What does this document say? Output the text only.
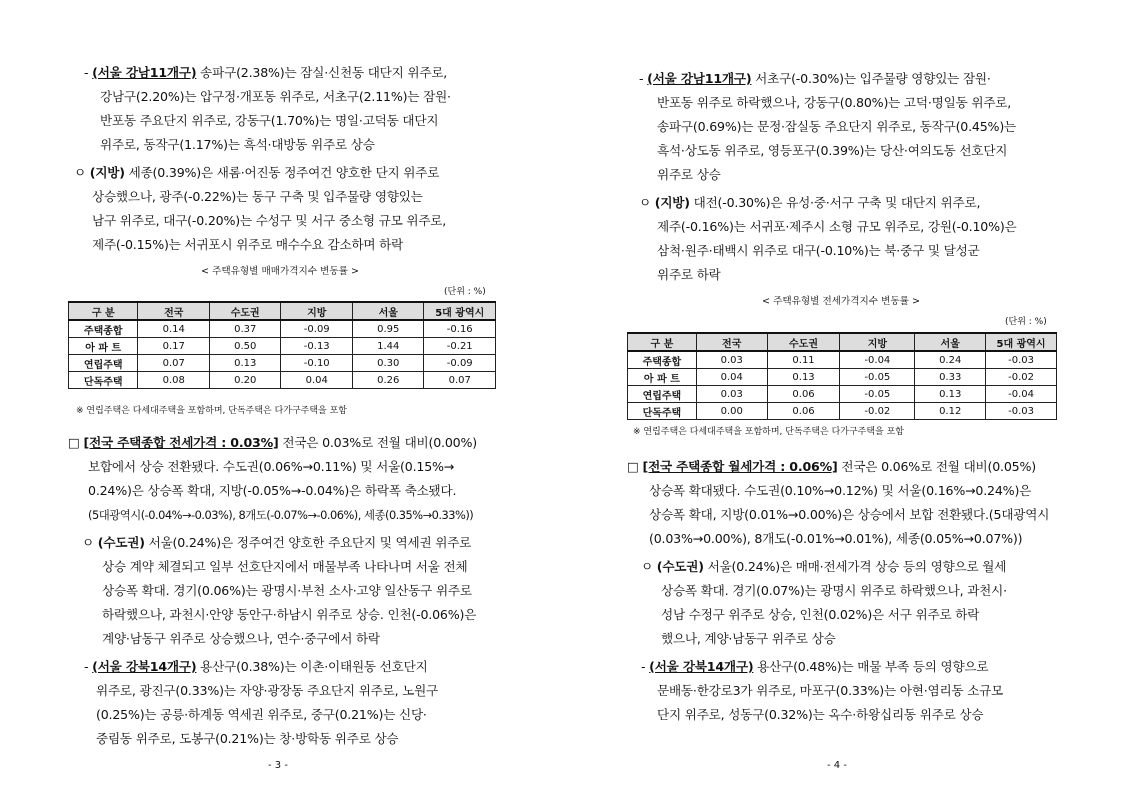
- (서울 강남11개구) 송파구(2.38%)는 잠실·신천동 대단지 위주로,
강남구(2.20%)는 압구정·개포동 위주로, 서초구(2.11%)는 잠원·
반포동 주요단지 위주로, 강동구(1.70%)는 명일·고덕동 대단지
위주로, 동작구(1.17%)는 흑석·대방동 위주로 상승
ㅇ (지방) 세종(0.39%)은 새롬·어진동 정주여건 양호한 단지 위주로
상승했으나, 광주(-0.22%)는 동구 구축 및 입주물량 영향있는
남구 위주로, 대구(-0.20%)는 수성구 및 서구 중소형 규모 위주로,
제주(-0.15%)는 서귀포시 위주로 매수수요 감소하며 하락
< 주택유형별 매매가격지수 변동률 >
(단위 : %)
구 분	전국	수도권	지방	서울	5대 광역시
주택종합	0.14	0.37	-0.09	0.95	-0.16
아 파 트	0.17	0.50	-0.13	1.44	-0.21
연립주택	0.07	0.13	-0.10	0.30	-0.09
단독주택	0.08	0.20	0.04	0.26	0.07
※ 연립주택은 다세대주택을 포함하며, 단독주택은 다가구주택을 포함
□ [전국 주택종합 전세가격 : 0.03%] 전국은 0.03%로 전월 대비(0.00%)
보합에서 상승 전환됐다. 수도권(0.06%→0.11%) 및 서울(0.15%→
0.24%)은 상승폭 확대, 지방(-0.05%→-0.04%)은 하락폭 축소됐다.
(5대광역시(-0.04%→-0.03%), 8개도(-0.07%→-0.06%), 세종(0.35%→0.33%))
ㅇ (수도권) 서울(0.24%)은 정주여건 양호한 주요단지 및 역세권 위주로
상승 계약 체결되고 일부 선호단지에서 매물부족 나타나며 서울 전체
상승폭 확대. 경기(0.06%)는 광명시·부천 소사·고양 일산동구 위주로
하락했으나, 과천시·안양 동안구·하남시 위주로 상승. 인천(-0.06%)은
계양·남동구 위주로 상승했으나, 연수·중구에서 하락
- (서울 강북14개구) 용산구(0.38%)는 이촌·이태원동 선호단지
위주로, 광진구(0.33%)는 자양·광장동 주요단지 위주로, 노원구
(0.25%)는 공릉·하계동 역세권 위주로, 중구(0.21%)는 신당·
중림동 위주로, 도봉구(0.21%)는 창·방학동 위주로 상승
- 3 -
- (서울 강남11개구) 서초구(-0.30%)는 입주물량 영향있는 잠원·
반포동 위주로 하락했으나, 강동구(0.80%)는 고덕·명일동 위주로,
송파구(0.69%)는 문정·잠실동 주요단지 위주로, 동작구(0.45%)는
흑석·상도동 위주로, 영등포구(0.39%)는 당산·여의도동 선호단지
위주로 상승
ㅇ (지방) 대전(-0.30%)은 유성·중·서구 구축 및 대단지 위주로,
제주(-0.16%)는 서귀포·제주시 소형 규모 위주로, 강원(-0.10%)은
삼척·원주·태백시 위주로 대구(-0.10%)는 북·중구 및 달성군
위주로 하락
< 주택유형별 전세가격지수 변동률 >
(단위 : %)
구 분	전국	수도권	지방	서울	5대 광역시
주택종합	0.03	0.11	-0.04	0.24	-0.03
아 파 트	0.04	0.13	-0.05	0.33	-0.02
연립주택	0.03	0.06	-0.05	0.13	-0.04
단독주택	0.00	0.06	-0.02	0.12	-0.03
※ 연립주택은 다세대주택을 포함하며, 단독주택은 다가구주택을 포함
□ [전국 주택종합 월세가격 : 0.06%] 전국은 0.06%로 전월 대비(0.05%)
상승폭 확대됐다. 수도권(0.10%→0.12%) 및 서울(0.16%→0.24%)은
상승폭 확대, 지방(0.01%→0.00%)은 상승에서 보합 전환됐다.(5대광역시
(0.03%→0.00%), 8개도(-0.01%→0.01%), 세종(0.05%→0.07%))
ㅇ (수도권) 서울(0.24%)은 매매·전세가격 상승 등의 영향으로 월세
상승폭 확대. 경기(0.07%)는 광명시 위주로 하락했으나, 과천시·
성남 수정구 위주로 상승, 인천(0.02%)은 서구 위주로 하락
했으나, 계양·남동구 위주로 상승
- (서울 강북14개구) 용산구(0.48%)는 매물 부족 등의 영향으로
문배동·한강로3가 위주로, 마포구(0.33%)는 아현·염리동 소규모
단지 위주로, 성동구(0.32%)는 옥수·하왕십리동 위주로 상승
- 4 -
